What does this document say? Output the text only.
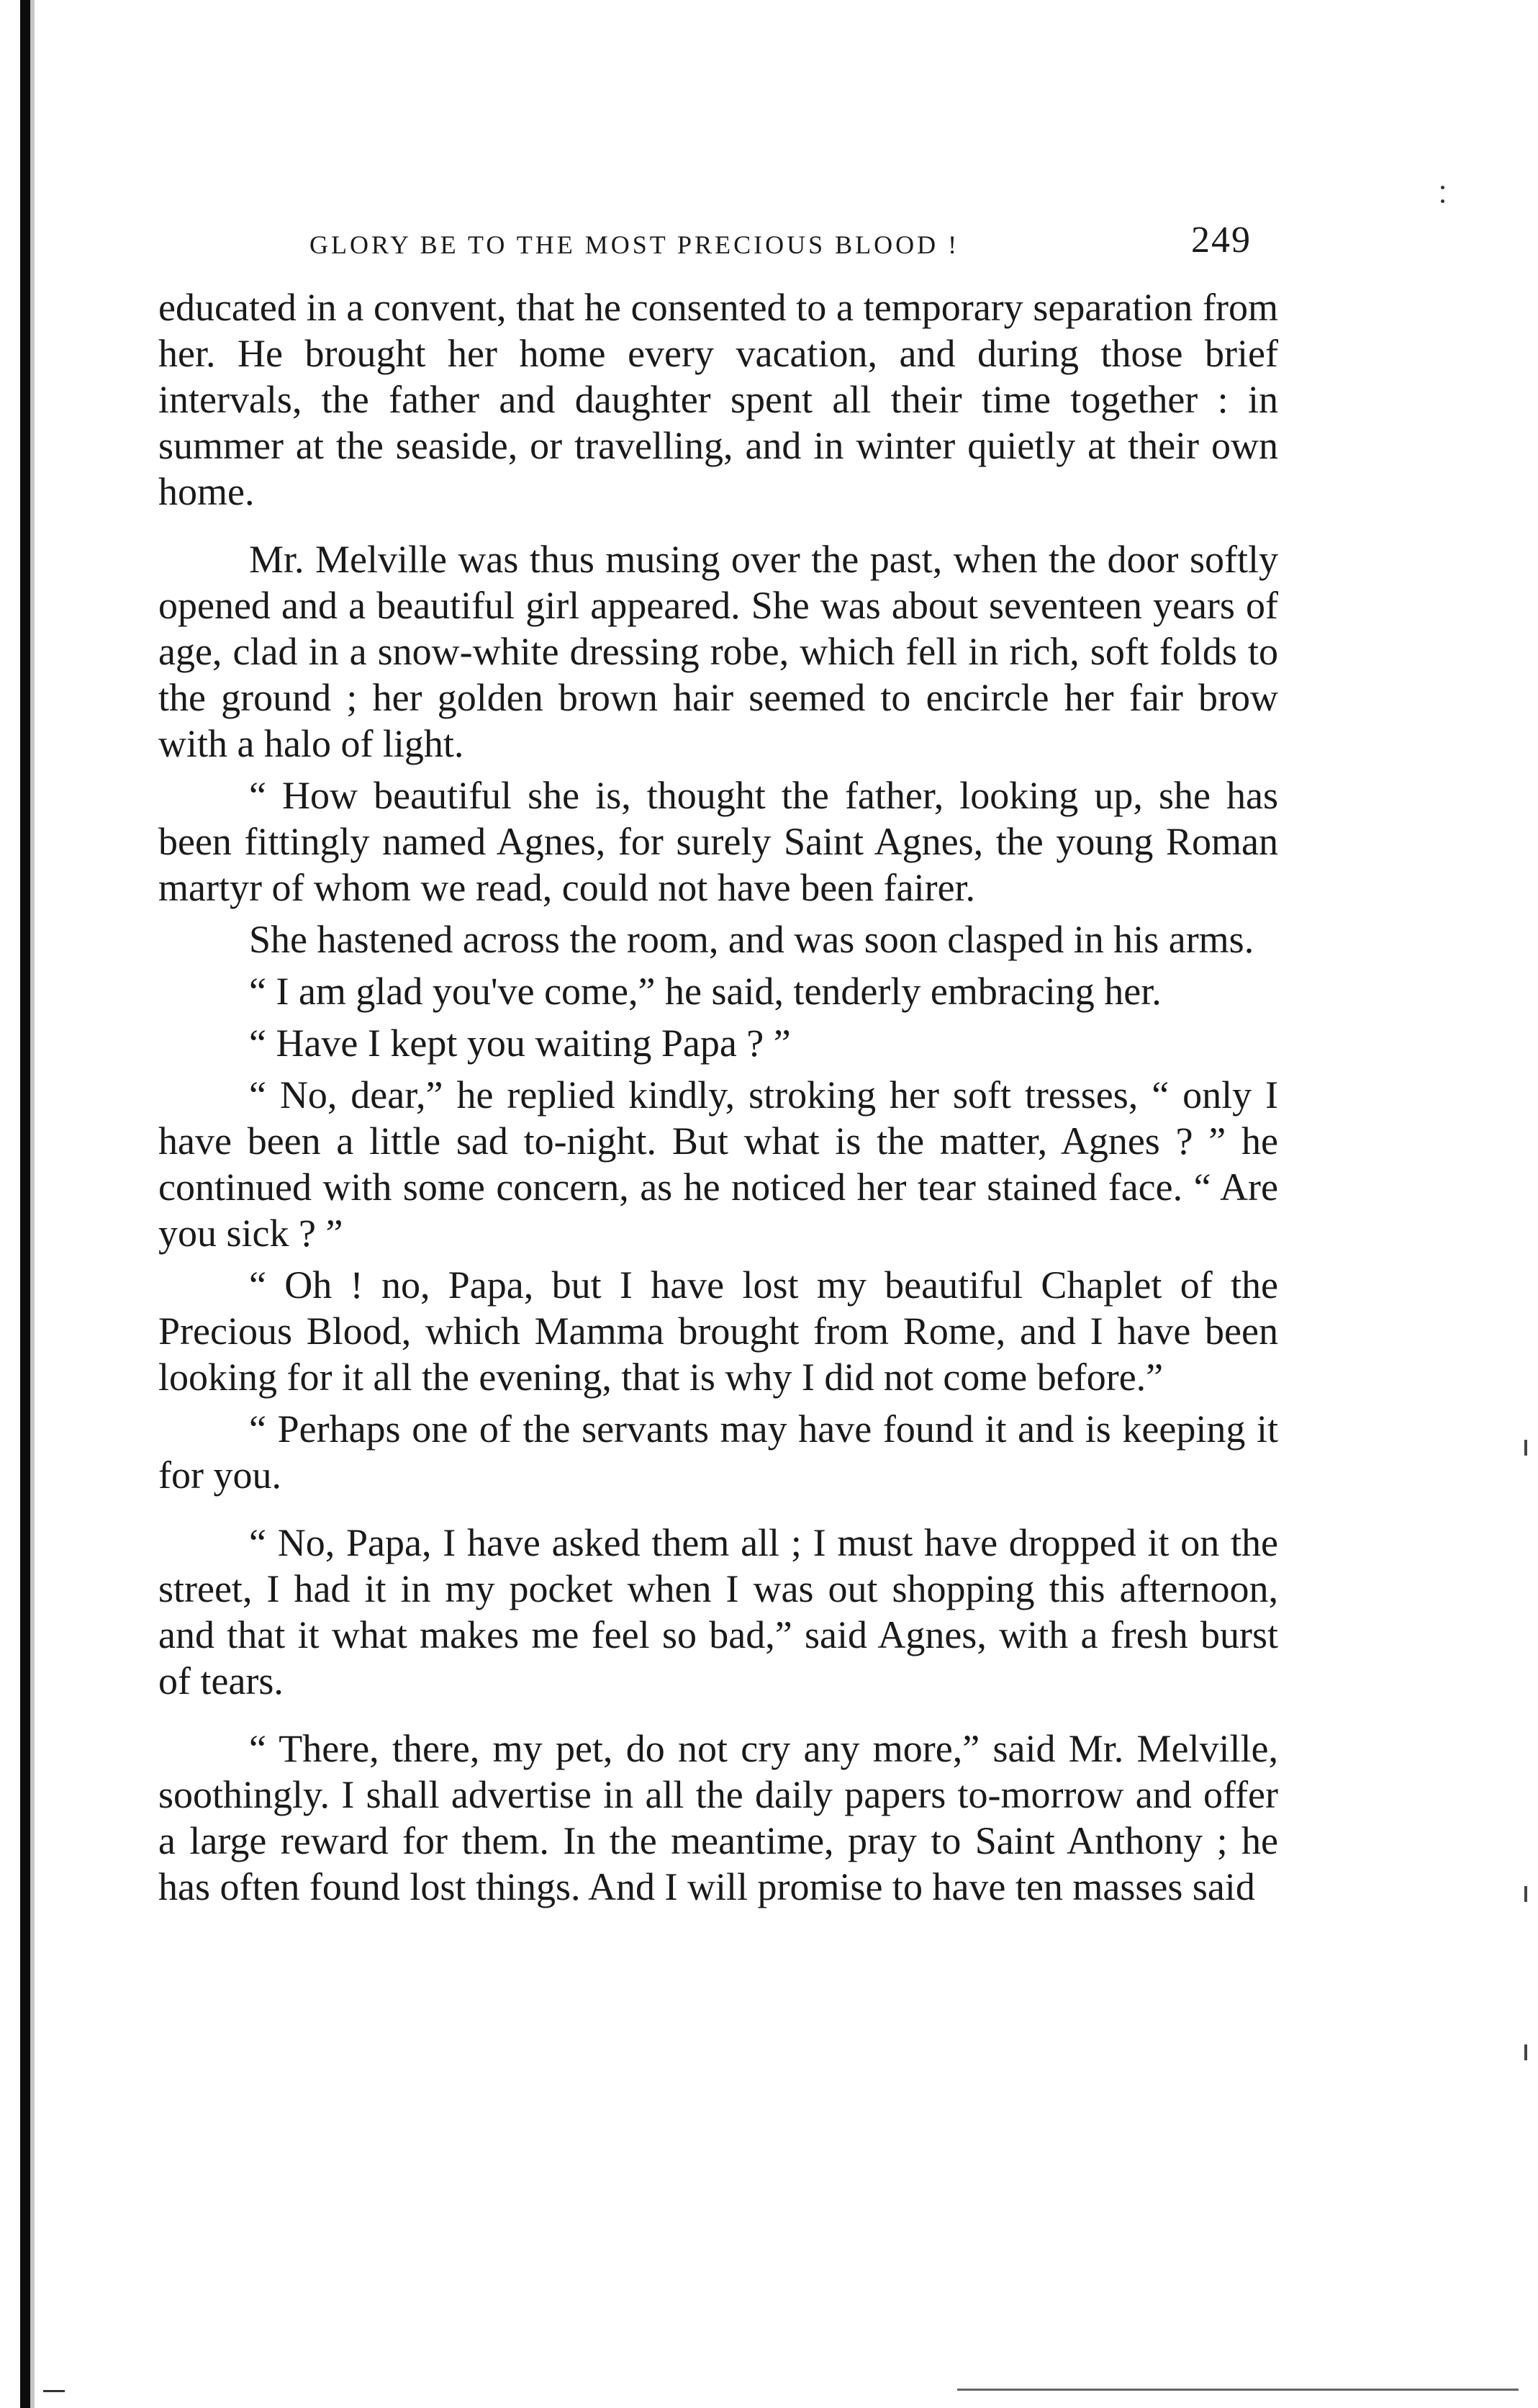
GLORY BE TO THE MOST PRECIOUS BLOOD !	249

educated in a convent, that he consented to a temporary separation from her. He brought her home every vacation, and during those brief intervals, the father and daughter spent all their time together : in summer at the seaside, or travelling, and in winter quietly at their own home.

Mr. Melville was thus musing over the past, when the door softly opened and a beautiful girl appeared. She was about seventeen years of age, clad in a snow-white dressing robe, which fell in rich, soft folds to the ground ; her golden brown hair seemed to encircle her fair brow with a halo of light.

“ How beautiful she is, thought the father, looking up, she has been fittingly named Agnes, for surely Saint Agnes, the young Roman martyr of whom we read, could not have been fairer.

She hastened across the room, and was soon clasped in his arms.

“ I am glad you've come,” he said, tenderly embracing her.

“ Have I kept you waiting Papa ? ”

“ No, dear,” he replied kindly, stroking her soft tresses, “ only I have been a little sad to-night. But what is the matter, Agnes ? ” he continued with some concern, as he noticed her tear stained face. “ Are you sick ? ”

“ Oh ! no, Papa, but I have lost my beautiful Chaplet of the Precious Blood, which Mamma brought from Rome, and I have been looking for it all the evening, that is why I did not come before.”

“ Perhaps one of the servants may have found it and is keeping it for you.

“ No, Papa, I have asked them all ; I must have dropped it on the street, I had it in my pocket when I was out shopping this afternoon, and that it what makes me feel so bad,” said Agnes, with a fresh burst of tears.

“ There, there, my pet, do not cry any more,” said Mr. Melville, soothingly. I shall advertise in all the daily papers to-morrow and offer a large reward for them. In the meantime, pray to Saint Anthony ; he has often found lost things. And I will promise to have ten masses said
